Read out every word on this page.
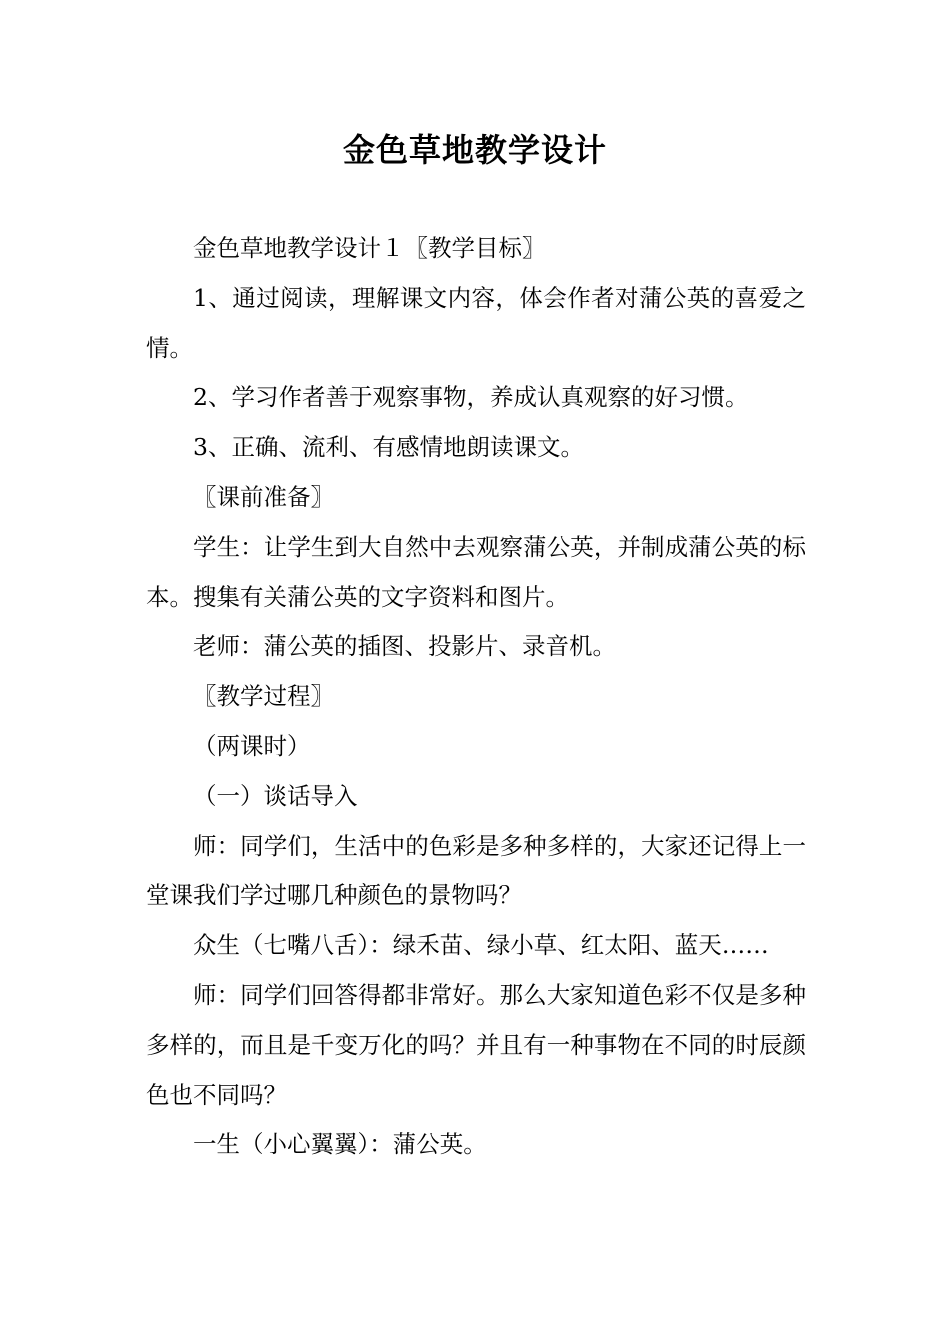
金色草地教学设计

金色草地教学设计１〖教学目标〗

1、通过阅读，理解课文内容，体会作者对蒲公英的喜爱之情。

2、学习作者善于观察事物，养成认真观察的好习惯。

3、正确、流利、有感情地朗读课文。

〖课前准备〗

学生：让学生到大自然中去观察蒲公英，并制成蒲公英的标本。搜集有关蒲公英的文字资料和图片。

老师：蒲公英的插图、投影片、录音机。

〖教学过程〗

（两课时）

（一）谈话导入

师：同学们，生活中的色彩是多种多样的，大家还记得上一堂课我们学过哪几种颜色的景物吗？

众生（七嘴八舌）：绿禾苗、绿小草、红太阳、蓝天……

师：同学们回答得都非常好。那么大家知道色彩不仅是多种多样的，而且是千变万化的吗？并且有一种事物在不同的时辰颜色也不同吗？

一生（小心翼翼）：蒲公英。
